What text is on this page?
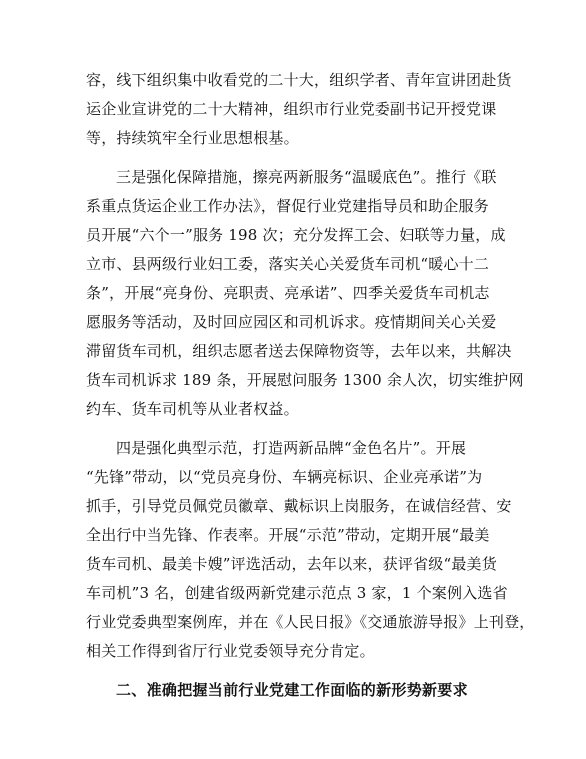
容，线下组织集中收看党的二十大，组织学者、青年宣讲团赴货
运企业宣讲党的二十大精神，组织市行业党委副书记开授党课
等，持续筑牢全行业思想根基。

三是强化保障措施，擦亮两新服务“温暖底色”。推行《联
系重点货运企业工作办法》，督促行业党建指导员和助企服务
员开展“六个一”服务 198 次；充分发挥工会、妇联等力量，成
立市、县两级行业妇工委，落实关心关爱货车司机“暖心十二
条”，开展“亮身份、亮职责、亮承诺”、四季关爱货车司机志
愿服务等活动，及时回应园区和司机诉求。疫情期间关心关爱
滞留货车司机，组织志愿者送去保障物资等，去年以来，共解决
货车司机诉求 189 条，开展慰问服务 1300 余人次，切实维护网
约车、货车司机等从业者权益。

四是强化典型示范，打造两新品牌“金色名片”。开展
“先锋”带动，以“党员亮身份、车辆亮标识、企业亮承诺”为
抓手，引导党员佩党员徽章、戴标识上岗服务，在诚信经营、安
全出行中当先锋、作表率。开展“示范”带动，定期开展“最美
货车司机、最美卡嫂”评选活动，去年以来，获评省级“最美货
车司机”3 名，创建省级两新党建示范点 3 家，1 个案例入选省
行业党委典型案例库，并在《人民日报》《交通旅游导报》上刊登，
相关工作得到省厅行业党委领导充分肯定。

二、准确把握当前行业党建工作面临的新形势新要求
